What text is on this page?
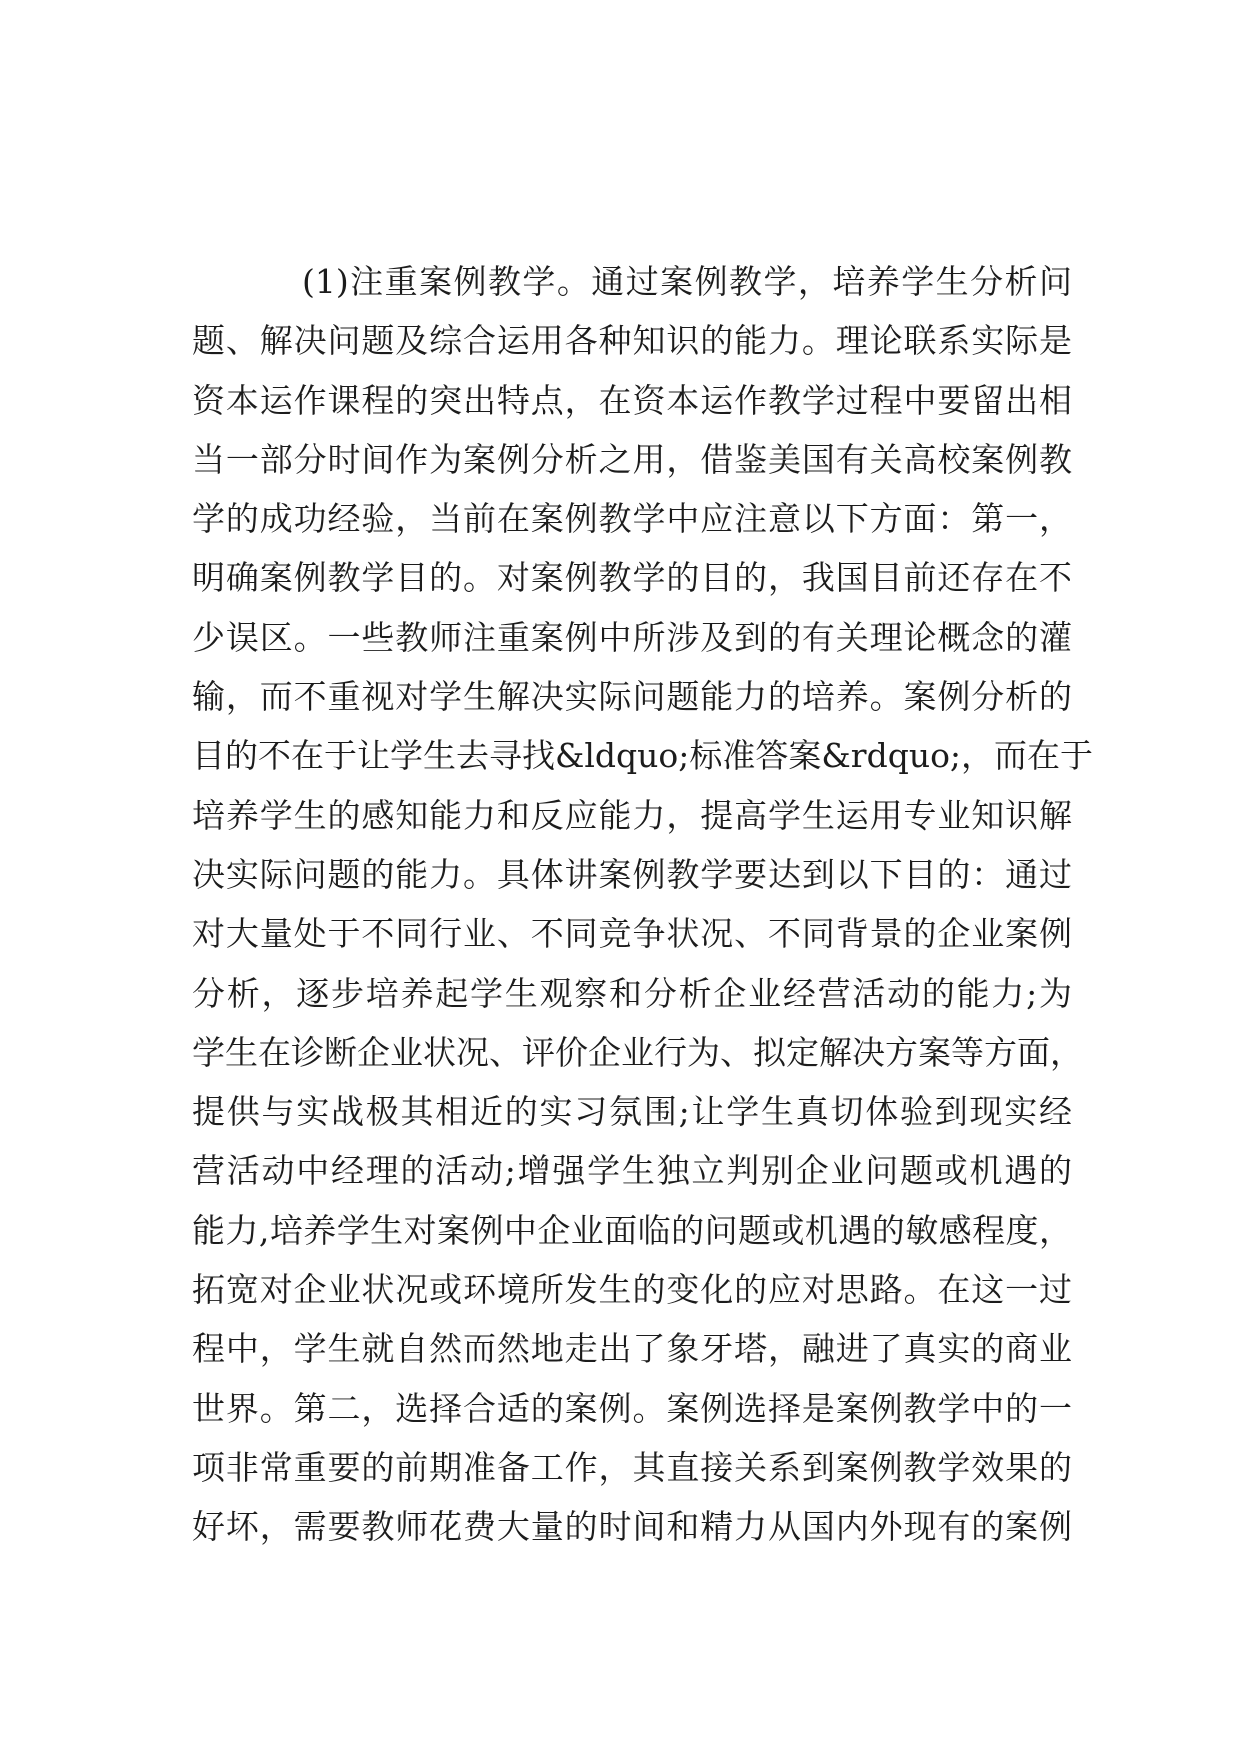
(1)注重案例教学。通过案例教学，培养学生分析问
题、解决问题及综合运用各种知识的能力。理论联系实际是
资本运作课程的突出特点，在资本运作教学过程中要留出相
当一部分时间作为案例分析之用，借鉴美国有关高校案例教
学的成功经验，当前在案例教学中应注意以下方面：第一，
明确案例教学目的。对案例教学的目的，我国目前还存在不
少误区。一些教师注重案例中所涉及到的有关理论概念的灌
输，而不重视对学生解决实际问题能力的培养。案例分析的
目的不在于让学生去寻找&ldquo;标准答案&rdquo;，而在于
培养学生的感知能力和反应能力，提高学生运用专业知识解
决实际问题的能力。具体讲案例教学要达到以下目的：通过
对大量处于不同行业、不同竞争状况、不同背景的企业案例
分析，逐步培养起学生观察和分析企业经营活动的能力;为
学生在诊断企业状况、评价企业行为、拟定解决方案等方面，
提供与实战极其相近的实习氛围;让学生真切体验到现实经
营活动中经理的活动;增强学生独立判别企业问题或机遇的
能力,培养学生对案例中企业面临的问题或机遇的敏感程度，
拓宽对企业状况或环境所发生的变化的应对思路。在这一过
程中，学生就自然而然地走出了象牙塔，融进了真实的商业
世界。第二，选择合适的案例。案例选择是案例教学中的一
项非常重要的前期准备工作，其直接关系到案例教学效果的
好坏，需要教师花费大量的时间和精力从国内外现有的案例
